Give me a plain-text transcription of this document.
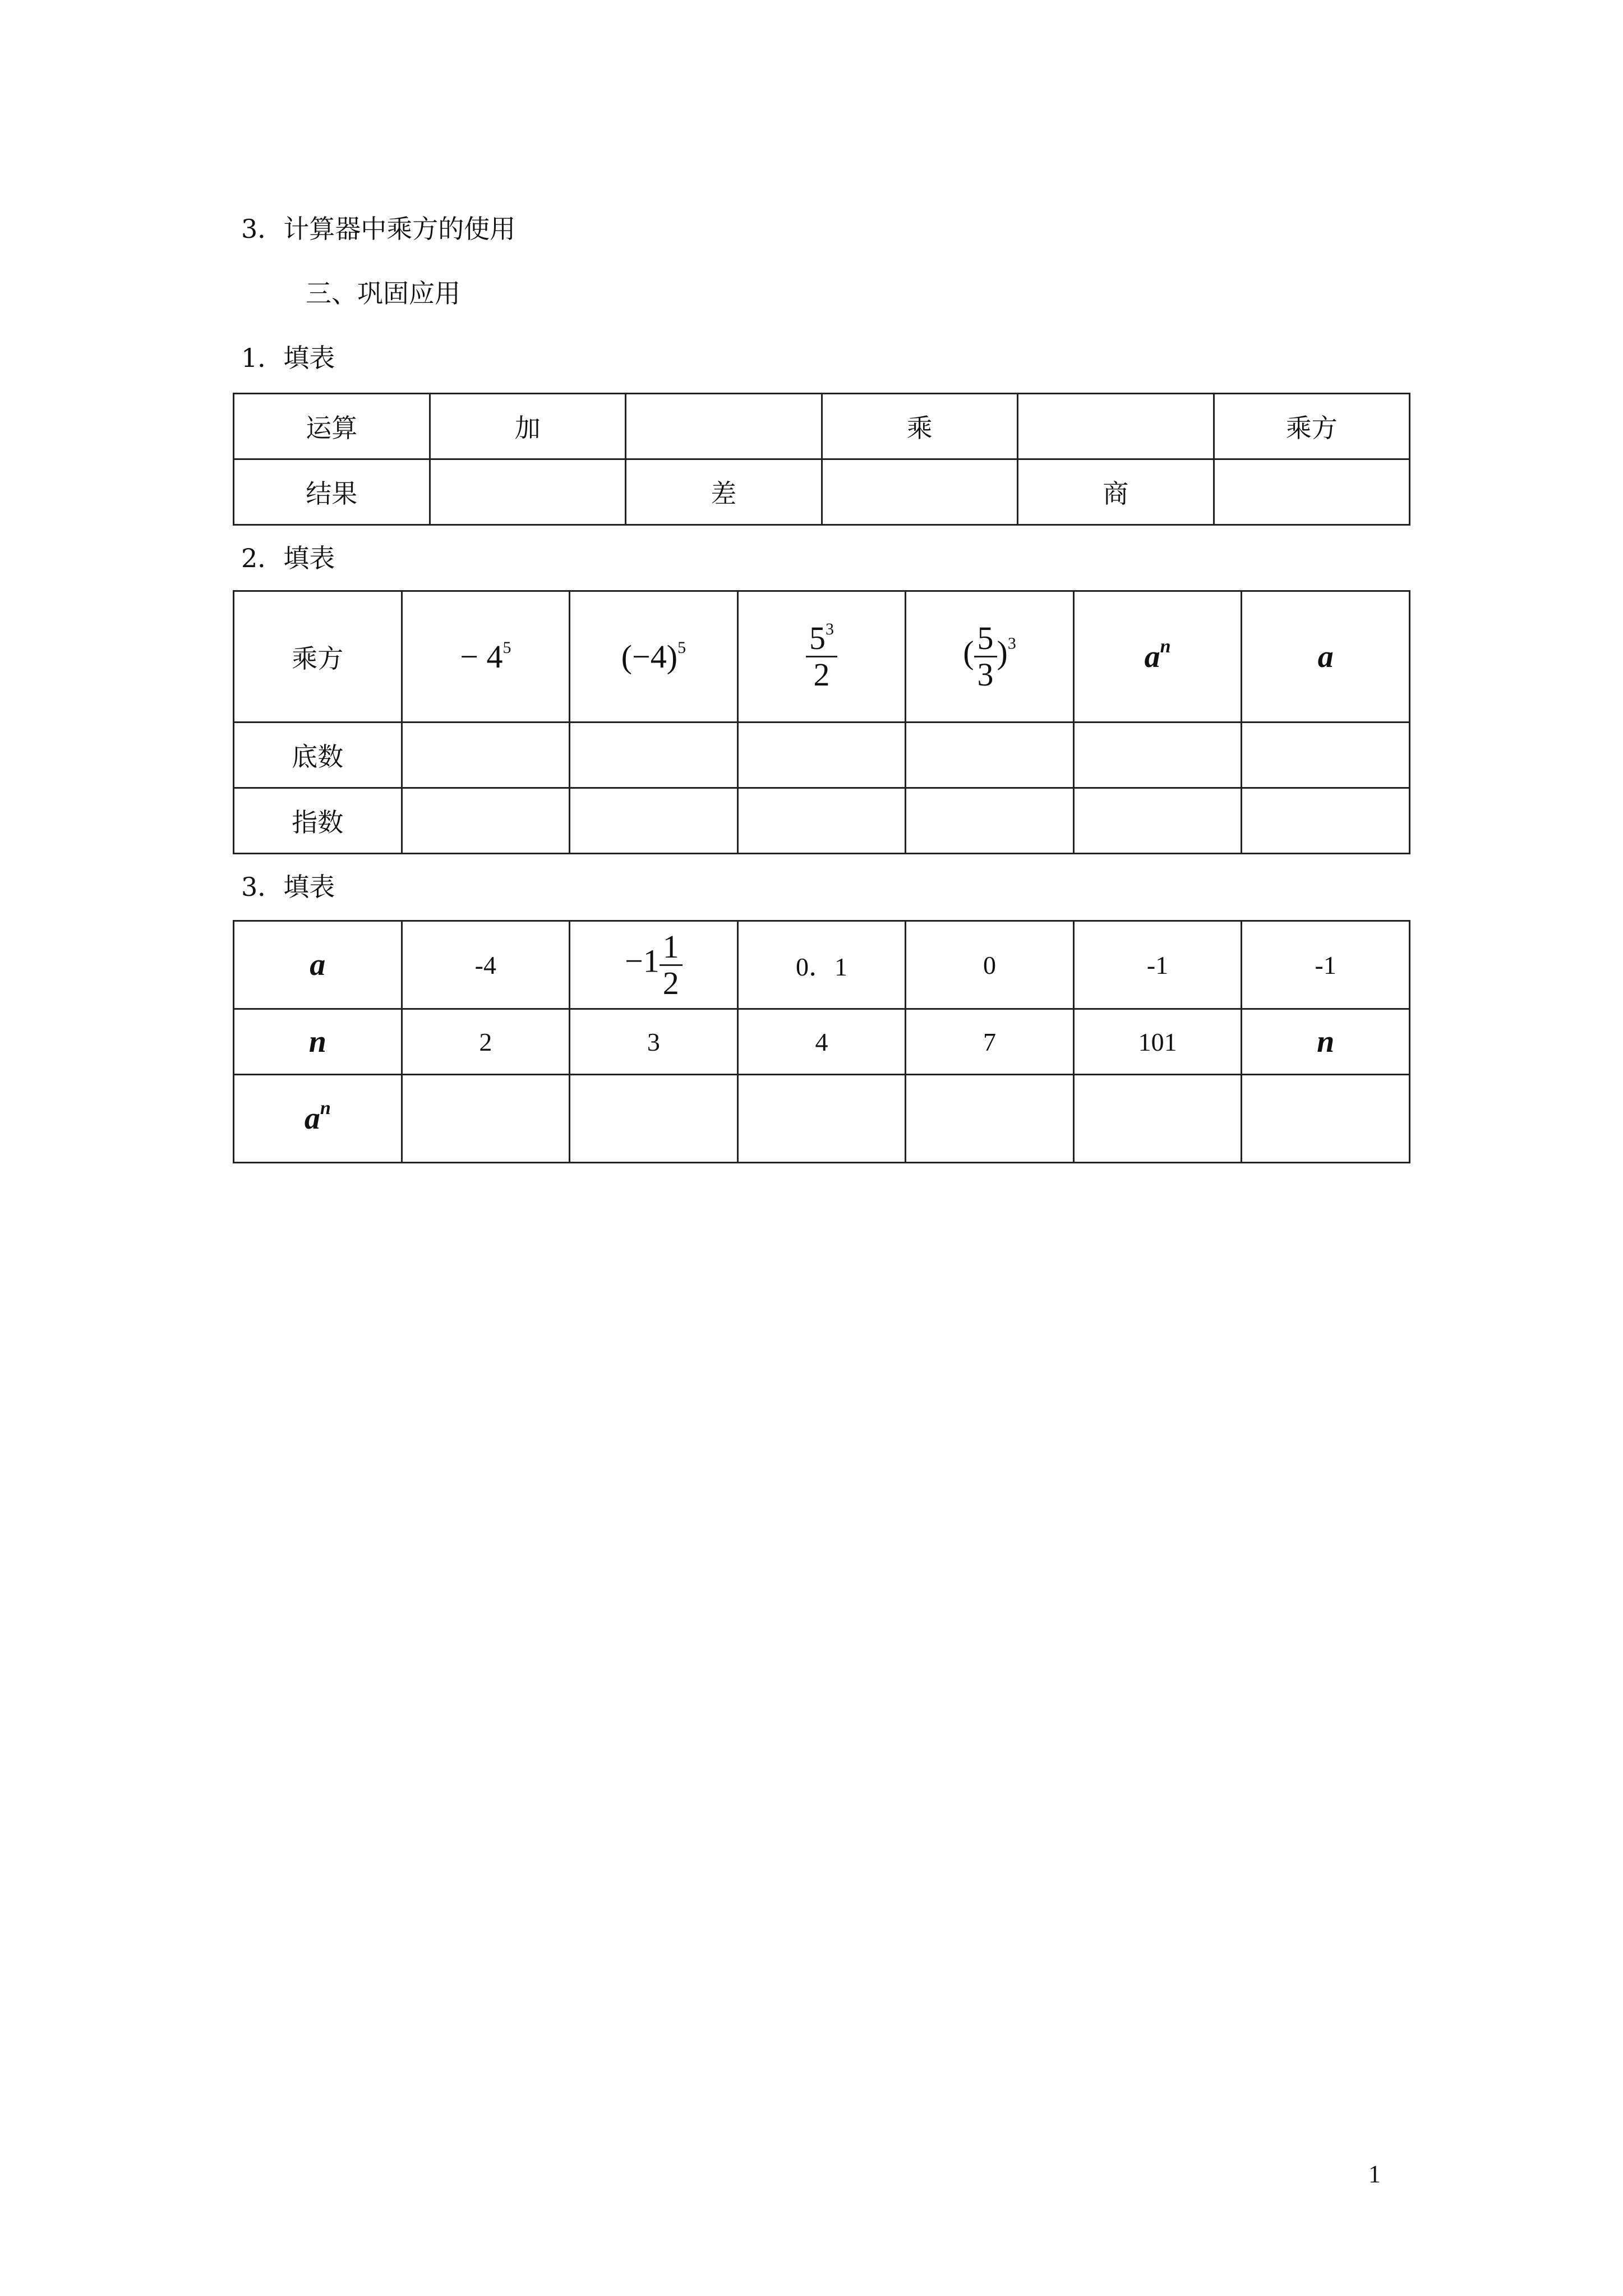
3．计算器中乘方的使用
三、巩固应用
1．填表
运算	加		乘		乘方
结果		差		商	
2．填表
乘方	− $4^5$	$(-4)^5$	$\frac{5^3}{2}$	( $\frac{5}{3} )^3$	$a^n$	a
底数						
指数						
3．填表
a	-4	$-1 \frac{1}{2}$	0．1	0	-1	-1
n	2	3	4	7	101	n
$a^n$						
1
